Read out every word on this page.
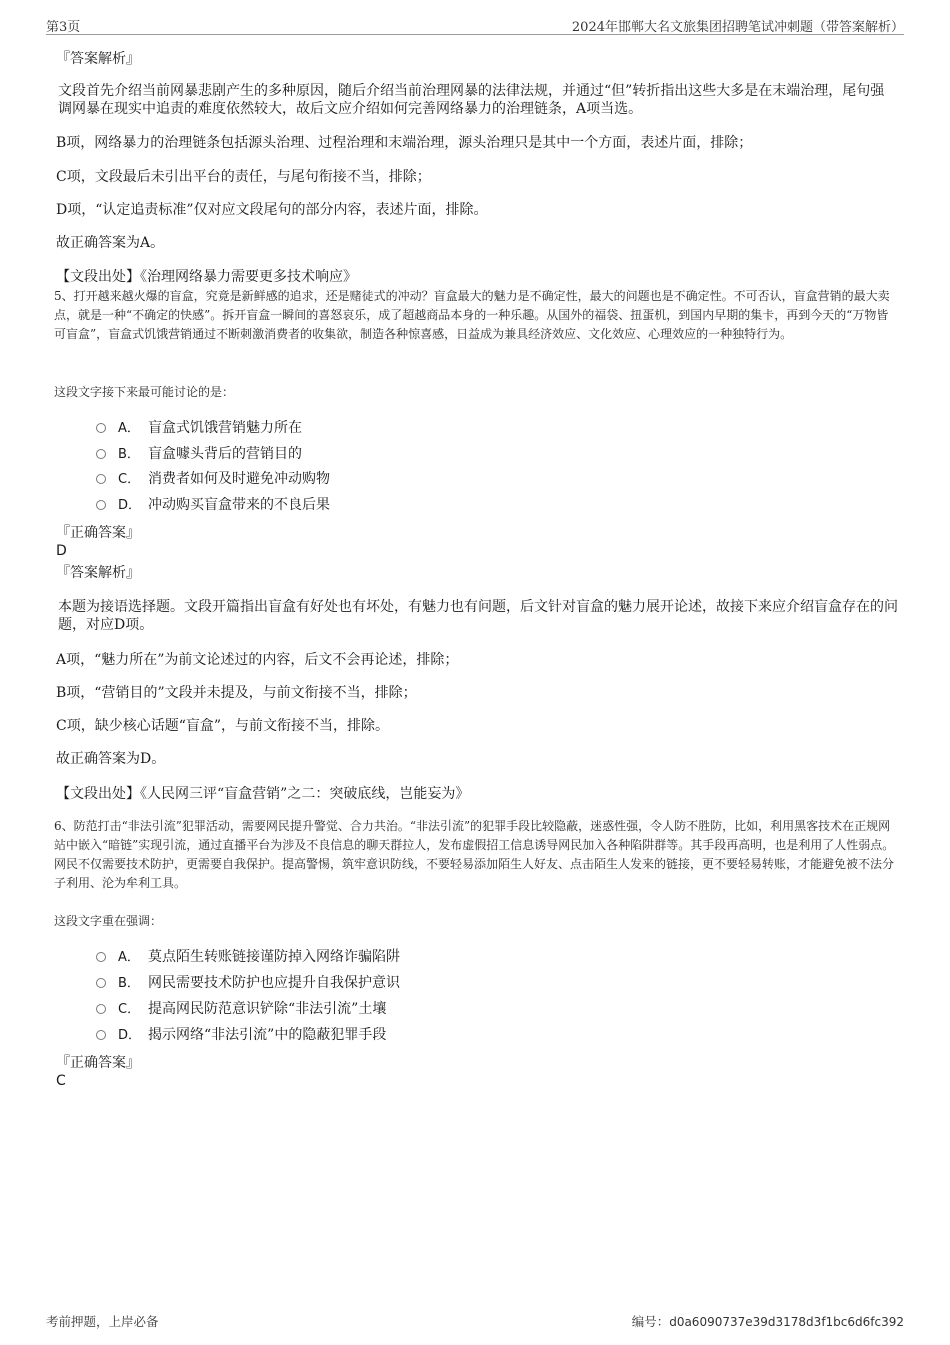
第3页	2024年邯郸大名文旅集团招聘笔试冲刺题（带答案解析）
『答案解析』
文段首先介绍当前网暴悲剧产生的多种原因，随后介绍当前治理网暴的法律法规，并通过“但”转折指出这些大多是在末端治理，尾句强调网暴在现实中追责的难度依然较大，故后文应介绍如何完善网络暴力的治理链条，A项当选。
B项，网络暴力的治理链条包括源头治理、过程治理和末端治理，源头治理只是其中一个方面，表述片面，排除；
C项，文段最后未引出平台的责任，与尾句衔接不当，排除；
D项，“认定追责标准”仅对应文段尾句的部分内容，表述片面，排除。
故正确答案为A。
【文段出处】《治理网络暴力需要更多技术响应》
5、打开越来越火爆的盲盒，究竟是新鲜感的追求，还是赌徒式的冲动？盲盒最大的魅力是不确定性，最大的问题也是不确定性。不可否认，盲盒营销的最大卖点，就是一种“不确定的快感”。拆开盲盒一瞬间的喜怒哀乐，成了超越商品本身的一种乐趣。从国外的福袋、扭蛋机，到国内早期的集卡，再到今天的“万物皆可盲盒”，盲盒式饥饿营销通过不断刺激消费者的收集欲，制造各种惊喜感，日益成为兼具经济效应、文化效应、心理效应的一种独特行为。
这段文字接下来最可能讨论的是：
A． 盲盒式饥饿营销魅力所在
B． 盲盒噱头背后的营销目的
C． 消费者如何及时避免冲动购物
D． 冲动购买盲盒带来的不良后果
『正确答案』
D
『答案解析』
本题为接语选择题。文段开篇指出盲盒有好处也有坏处，有魅力也有问题，后文针对盲盒的魅力展开论述，故接下来应介绍盲盒存在的问题，对应D项。
A项，“魅力所在”为前文论述过的内容，后文不会再论述，排除；
B项，“营销目的”文段并未提及，与前文衔接不当，排除；
C项，缺少核心话题“盲盒”，与前文衔接不当，排除。
故正确答案为D。
【文段出处】《人民网三评“盲盒营销”之二：突破底线，岂能妄为》
6、防范打击“非法引流”犯罪活动，需要网民提升警觉、合力共治。“非法引流”的犯罪手段比较隐蔽，迷惑性强，令人防不胜防，比如，利用黑客技术在正规网站中嵌入“暗链”实现引流，通过直播平台为涉及不良信息的聊天群拉人，发布虚假招工信息诱导网民加入各种陷阱群等。其手段再高明，也是利用了人性弱点。网民不仅需要技术防护，更需要自我保护。提高警惕，筑牢意识防线，不要轻易添加陌生人好友、点击陌生人发来的链接，更不要轻易转账，才能避免被不法分子利用、沦为牟利工具。
这段文字重在强调：
A． 莫点陌生转账链接谨防掉入网络诈骗陷阱
B． 网民需要技术防护也应提升自我保护意识
C． 提高网民防范意识铲除“非法引流”土壤
D． 揭示网络“非法引流”中的隐蔽犯罪手段
『正确答案』
C
考前押题，上岸必备	编号：d0a6090737e39d3178d3f1bc6d6fc392
